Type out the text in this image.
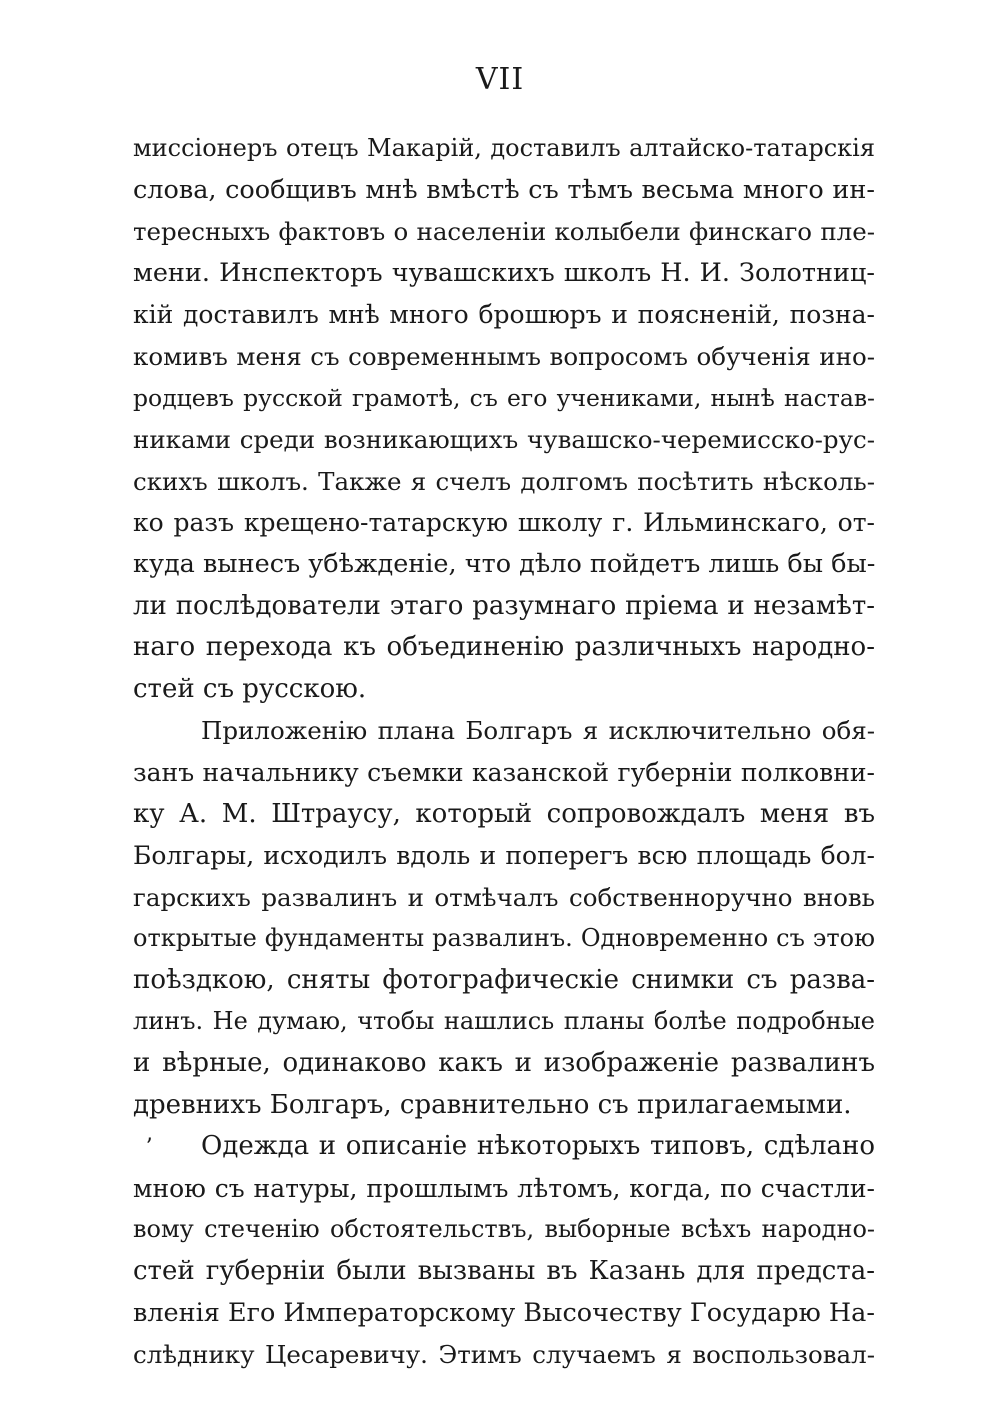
VII
миссіонеръ отецъ Макарій, доставилъ алтайско-татарскія
слова, сообщивъ мнѣ вмѣстѣ съ тѣмъ весьма много ин-
тересныхъ фактовъ о населеніи колыбели финскаго пле-
мени. Инспекторъ чувашскихъ школъ Н. И. Золотниц-
кій доставилъ мнѣ много брошюръ и поясненій, позна-
комивъ меня съ современнымъ вопросомъ обученія ино-
родцевъ русской грамотѣ, съ его учениками, нынѣ настав-
никами среди возникающихъ чувашско-черемисско-рус-
скихъ школъ. Также я счелъ долгомъ посѣтить нѣсколь-
ко разъ крещено-татарскую школу г. Ильминскаго, от-
куда вынесъ убѣжденіе, что дѣло пойдетъ лишь бы бы-
ли послѣдователи этаго разумнаго пріема и незамѣт-
наго перехода къ объединенію различныхъ народно-
стей съ русскою.
Приложенію плана Болгаръ я исключительно обя-
занъ начальнику съемки казанской губерніи полковни-
ку А. М. Штраусу, который сопровождалъ меня въ
Болгары, исходилъ вдоль и поперегъ всю площадь бол-
гарскихъ развалинъ и отмѣчалъ собственноручно вновь
открытые фундаменты развалинъ. Одновременно съ этою
поѣздкою, сняты фотографическіе снимки съ разва-
линъ. Не думаю, чтобы нашлись планы болѣе подробные
и вѣрные, одинаково какъ и изображеніе развалинъ
древнихъ Болгаръ, сравнительно съ прилагаемыми.
ʼ Одежда и описаніе нѣкоторыхъ типовъ, сдѣлано
мною съ натуры, прошлымъ лѣтомъ, когда, по счастли-
вому стеченію обстоятельствъ, выборные всѣхъ народно-
стей губерніи были вызваны въ Казань для предста-
вленія Его Императорскому Высочеству Государю На-
слѣднику Цесаревичу. Этимъ случаемъ я воспользовал-
